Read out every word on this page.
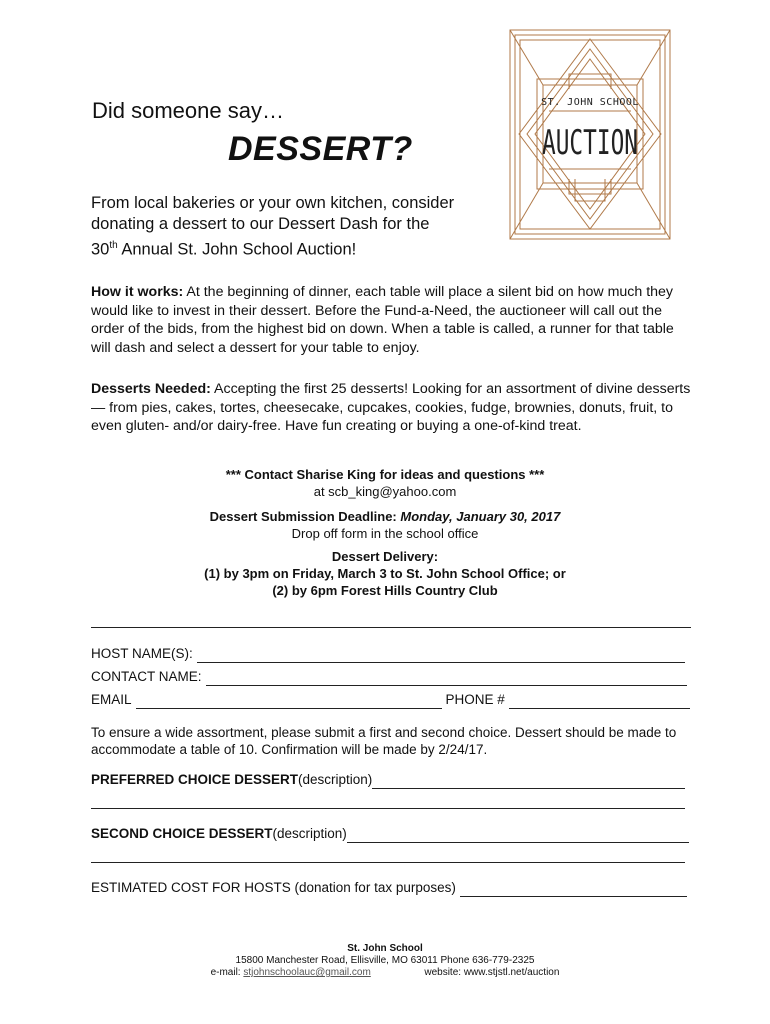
ST. JOHN SCHOOL
AUCTION
Did someone say…
DESSERT?
From local bakeries or your own kitchen, consider donating a dessert to our Dessert Dash for the
30th Annual St. John School Auction!
How it works: At the beginning of dinner, each table will place a silent bid on how much they would like to invest in their dessert. Before the Fund-a-Need, the auctioneer will call out the order of the bids, from the highest bid on down. When a table is called, a runner for that table will dash and select a dessert for your table to enjoy.
Desserts Needed: Accepting the first 25 desserts! Looking for an assortment of divine desserts — from pies, cakes, tortes, cheesecake, cupcakes, cookies, fudge, brownies, donuts, fruit, to even gluten- and/or dairy-free. Have fun creating or buying a one-of-kind treat.
*** Contact Sharise King for ideas and questions ***
at scb_king@yahoo.com
Dessert Submission Deadline: Monday, January 30, 2017
Drop off form in the school office
Dessert Delivery:
(1) by 3pm on Friday, March 3 to St. John School Office; or
(2) by 6pm Forest Hills Country Club
HOST NAME(S):
CONTACT NAME:
EMAIL	PHONE #
To ensure a wide assortment, please submit a first and second choice. Dessert should be made to accommodate a table of 10. Confirmation will be made by 2/24/17.
PREFERRED CHOICE DESSERT (description)
SECOND CHOICE DESSERT (description)
ESTIMATED COST FOR HOSTS (donation for tax purposes)
St. John School
15800 Manchester Road, Ellisville, MO 63011 Phone 636-779-2325
e-mail: stjohnschoolauc@gmail.com	website: www.stjstl.net/auction
